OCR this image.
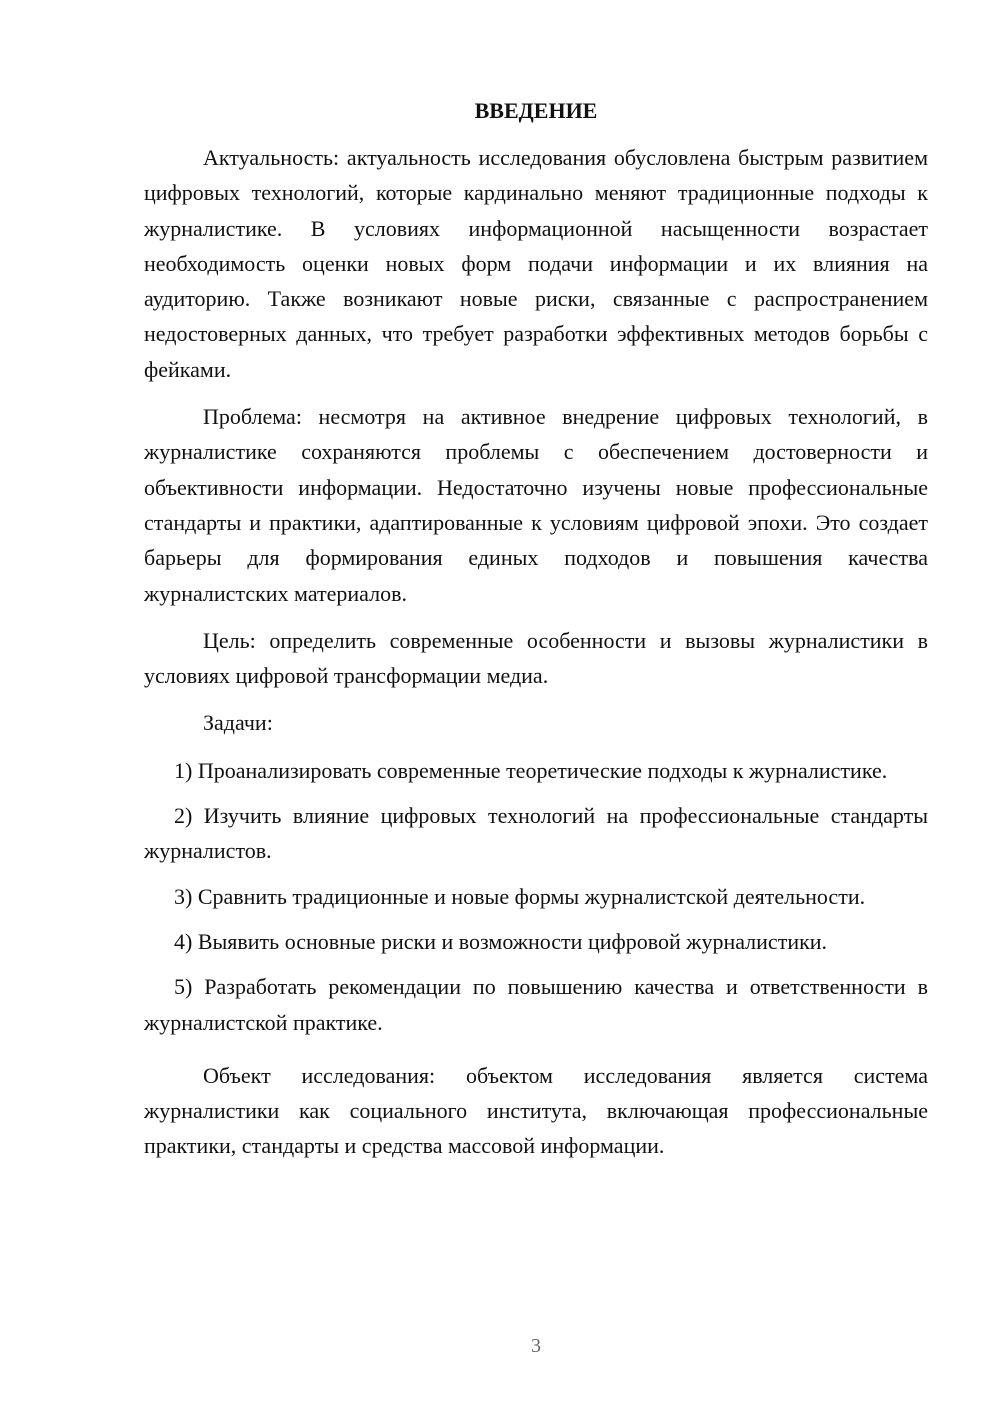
ВВЕДЕНИЕ

Актуальность: актуальность исследования обусловлена быстрым развитием цифровых технологий, которые кардинально меняют традиционные подходы к журналистике. В условиях информационной насыщенности возрастает необходимость оценки новых форм подачи информации и их влияния на аудиторию. Также возникают новые риски, связанные с распространением недостоверных данных, что требует разработки эффективных методов борьбы с фейками.

Проблема: несмотря на активное внедрение цифровых технологий, в журналистике сохраняются проблемы с обеспечением достоверности и объективности информации. Недостаточно изучены новые профессиональные стандарты и практики, адаптированные к условиям цифровой эпохи. Это создает барьеры для формирования единых подходов и повышения качества журналистских материалов.

Цель: определить современные особенности и вызовы журналистики в условиях цифровой трансформации медиа.

Задачи:

1) Проанализировать современные теоретические подходы к журналистике.

2) Изучить влияние цифровых технологий на профессиональные стандарты журналистов.

3) Сравнить традиционные и новые формы журналистской деятельности.

4) Выявить основные риски и возможности цифровой журналистики.

5) Разработать рекомендации по повышению качества и ответственности в журналистской практике.

Объект исследования: объектом исследования является система журналистики как социального института, включающая профессиональные практики, стандарты и средства массовой информации.

3
